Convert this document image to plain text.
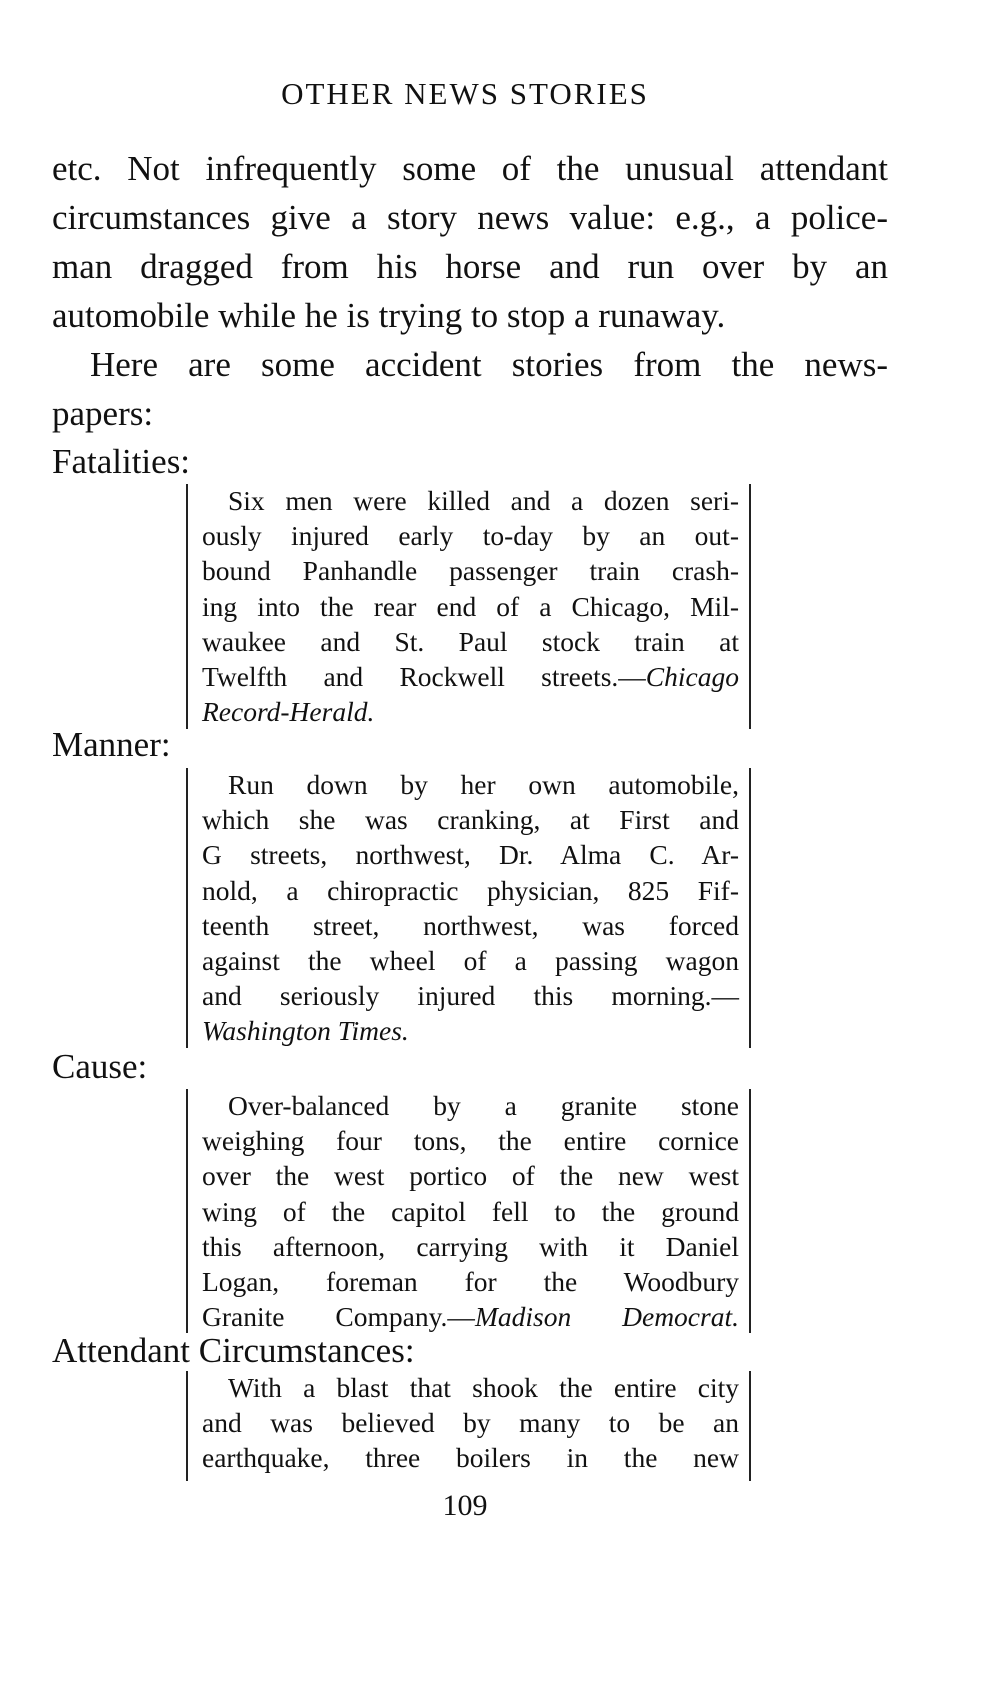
OTHER NEWS STORIES
etc. Not infrequently some of the unusual attendant
circumstances give a story news value: e.g., a police-
man dragged from his horse and run over by an
automobile while he is trying to stop a runaway.
Here are some accident stories from the news-
papers:
Fatalities:
Six men were killed and a dozen seri-
ously injured early to-day by an out-
bound Panhandle passenger train crash-
ing into the rear end of a Chicago, Mil-
waukee and St. Paul stock train at
Twelfth and Rockwell streets.—Chicago
Record-Herald.
Manner:
Run down by her own automobile,
which she was cranking, at First and
G streets, northwest, Dr. Alma C. Ar-
nold, a chiropractic physician, 825 Fif-
teenth street, northwest, was forced
against the wheel of a passing wagon
and seriously injured this morning.—
Washington Times.
Cause:
Over-balanced by a granite stone
weighing four tons, the entire cornice
over the west portico of the new west
wing of the capitol fell to the ground
this afternoon, carrying with it Daniel
Logan, foreman for the Woodbury
Granite Company.—Madison Democrat.
Attendant Circumstances:
With a blast that shook the entire city
and was believed by many to be an
earthquake, three boilers in the new
109
